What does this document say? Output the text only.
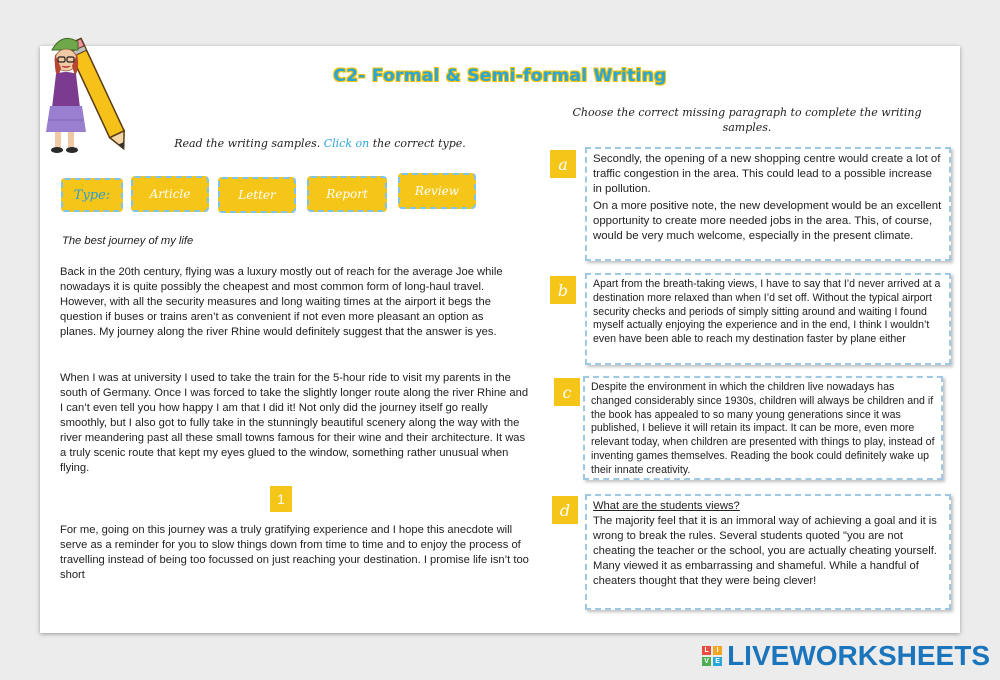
C2- Formal & Semi-formal Writing
Read the writing samples. Click on the correct type.
Choose the correct missing paragraph to complete the writing samples.
Type:	Article	Letter	Report	Review
The best journey of my life
Back in the 20th century, flying was a luxury mostly out of reach for the average Joe while nowadays it is quite possibly the cheapest and most common form of long-haul travel. However, with all the security measures and long waiting times at the airport it begs the question if buses or trains aren’t as convenient if not even more pleasant an option as planes. My journey along the river Rhine would definitely suggest that the answer is yes.
When I was at university I used to take the train for the 5-hour ride to visit my parents in the south of Germany. Once I was forced to take the slightly longer route along the river Rhine and I can’t even tell you how happy I am that I did it! Not only did the journey itself go really smoothly, but I also got to fully take in the stunningly beautiful scenery along the way with the river meandering past all these small towns famous for their wine and their architecture. It was a truly scenic route that kept my eyes glued to the window, something rather unusual when flying.
1
For me, going on this journey was a truly gratifying experience and I hope this anecdote will serve as a reminder for you to slow things down from time to time and to enjoy the process of travelling instead of being too focussed on just reaching your destination. I promise life isn’t too short
a	Secondly, the opening of a new shopping centre would create a lot of traffic congestion in the area. This could lead to a possible increase in pollution.

On a more positive note, the new development would be an excellent opportunity to create more needed jobs in the area. This, of course, would be very much welcome, especially in the present climate.

b	Apart from the breath-taking views, I have to say that I’d never arrived at a destination more relaxed than when I’d set off. Without the typical airport security checks and periods of simply sitting around and waiting I found myself actually enjoying the experience and in the end, I think I wouldn’t even have been able to reach my destination faster by plane either

c	Despite the environment in which the children live nowadays has changed considerably since 1930s, children will always be children and if the book has appealed to so many young generations since it was published, I believe it will retain its impact. It can be more, even more relevant today, when children are presented with things to play, instead of inventing games themselves. Reading the book could definitely wake up their innate creativity.

d	What are the students views?

The majority feel that it is an immoral way of achieving a goal and it is wrong to break the rules. Several students quoted "you are not cheating the teacher or the school, you are actually cheating yourself. Many viewed it as embarrassing and shameful. While a handful of cheaters thought that they were being clever!

L	I
V E LIVEWORKSHEETS
